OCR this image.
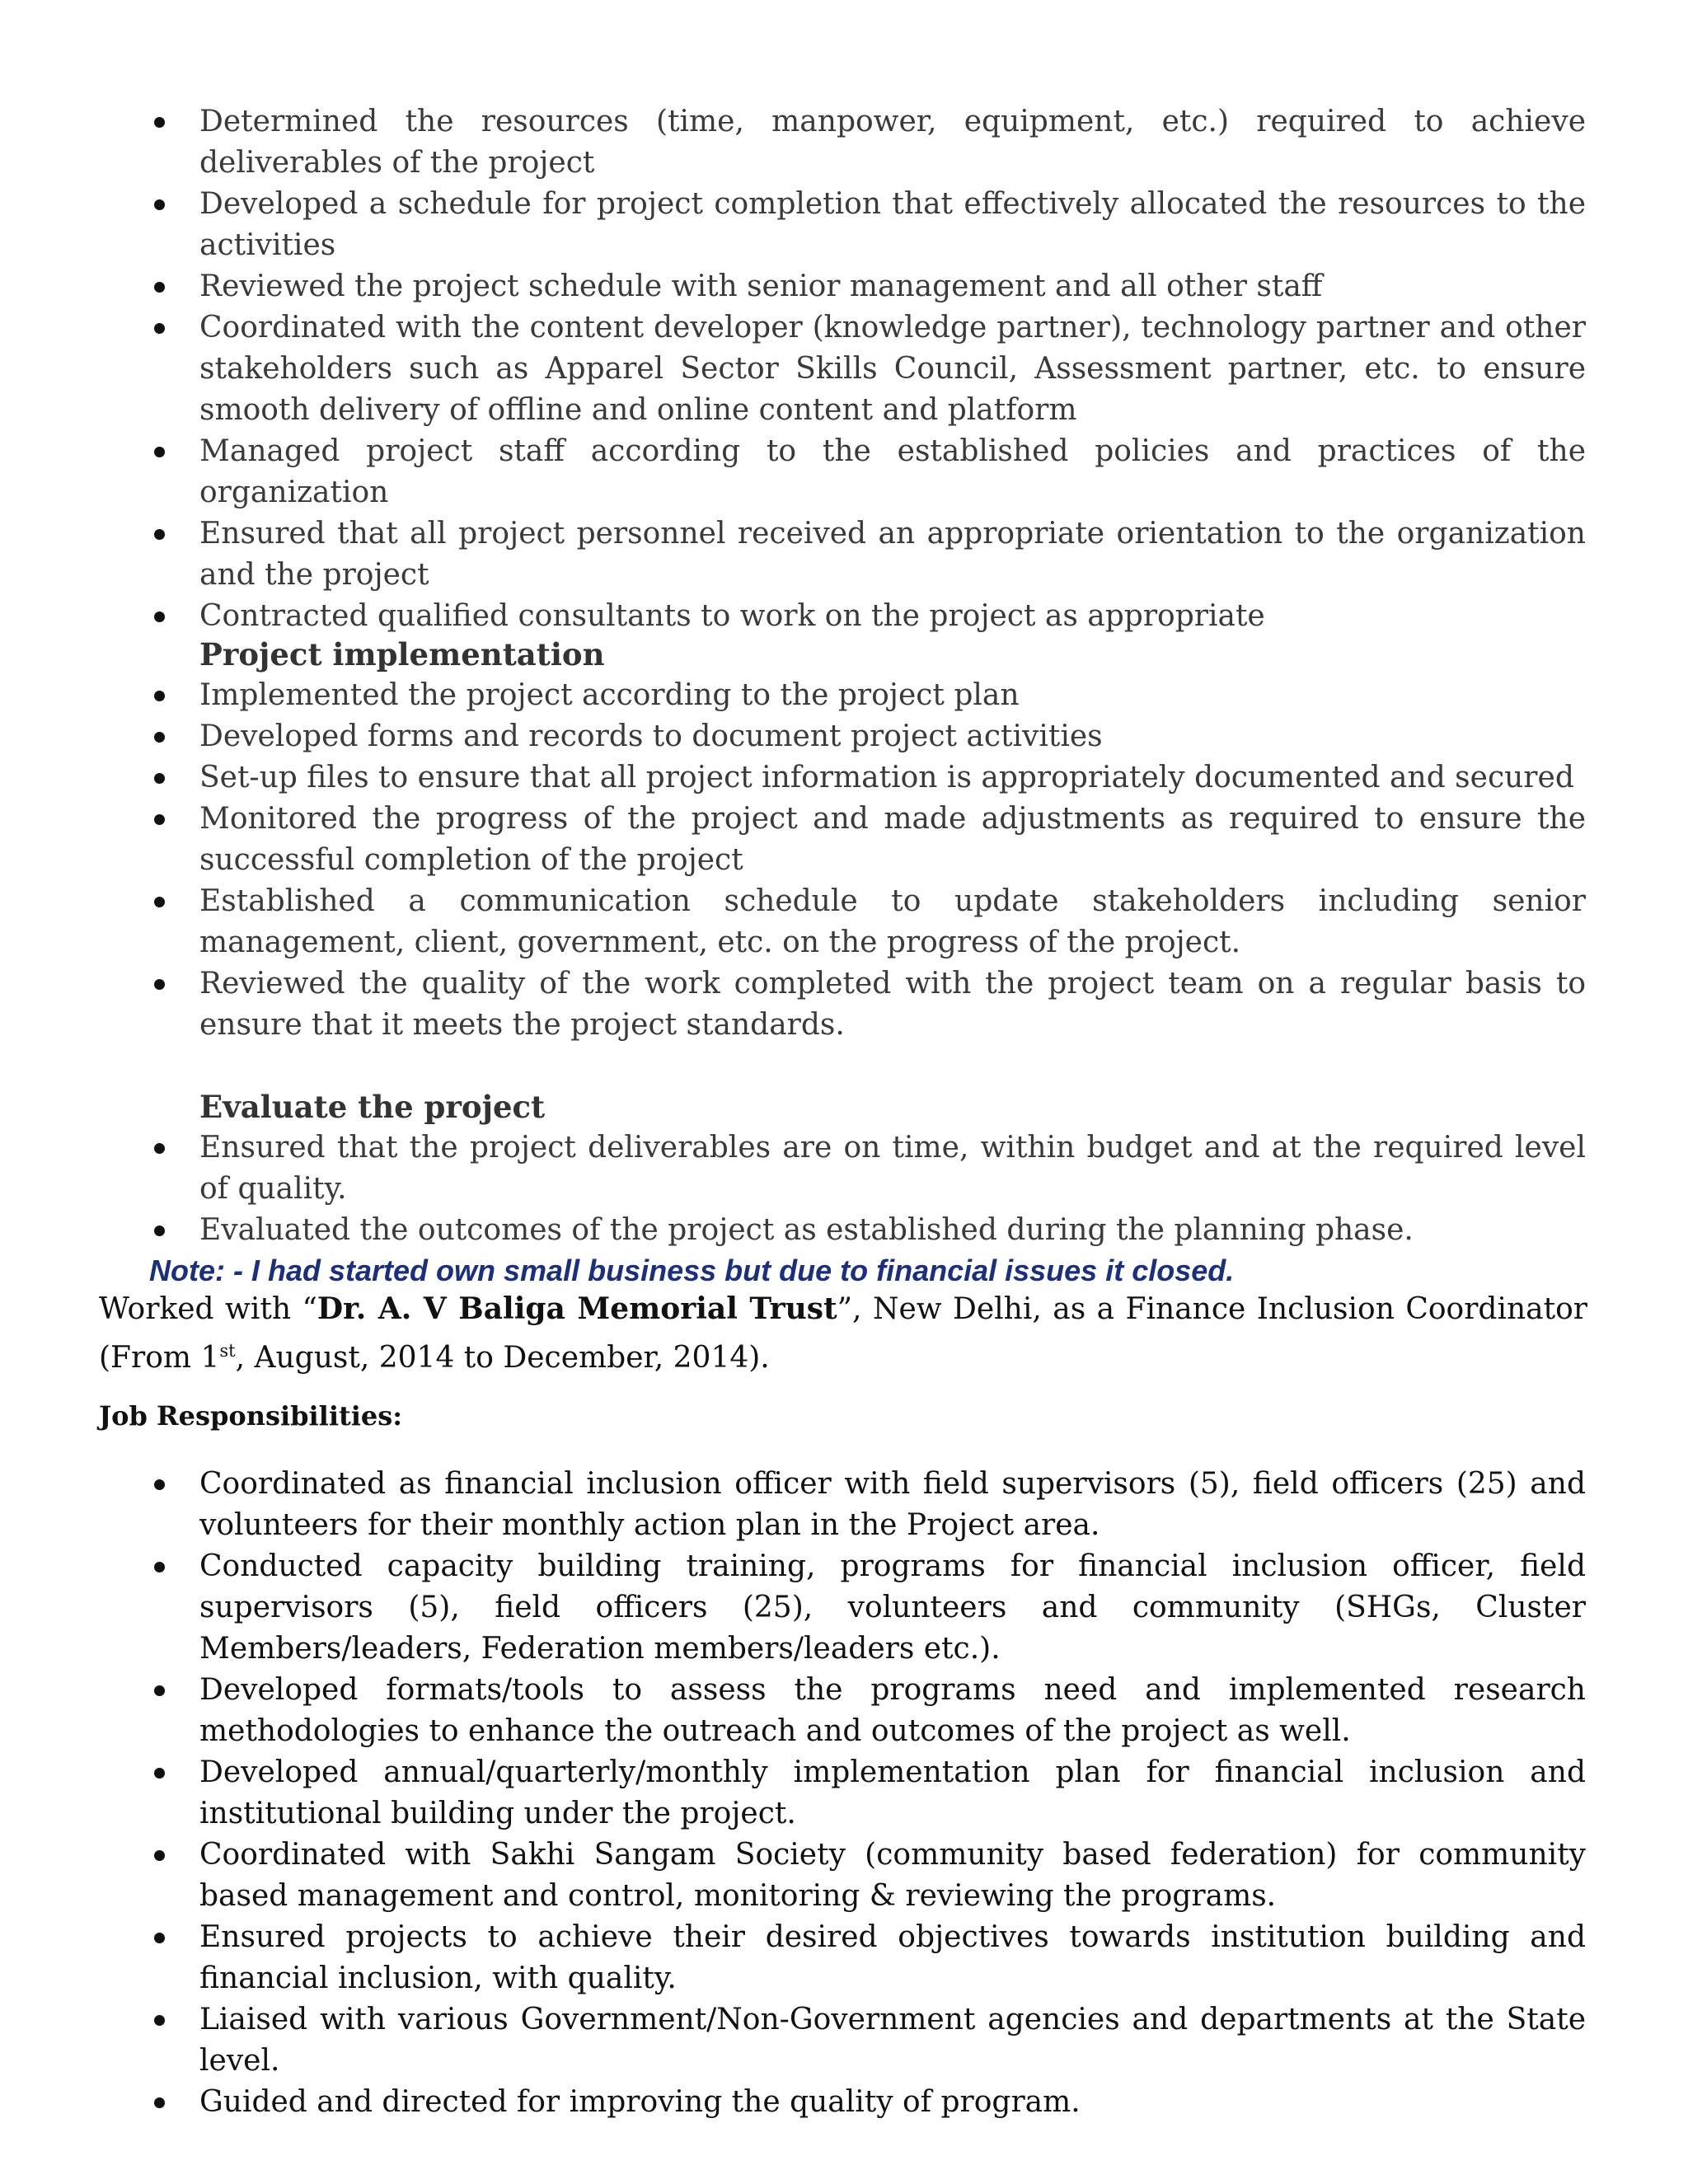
Determined the resources (time, manpower, equipment, etc.) required to achieve deliverables of the project
Developed a schedule for project completion that effectively allocated the resources to the activities
Reviewed the project schedule with senior management and all other staff
Coordinated with the content developer (knowledge partner), technology partner and other stakeholders such as Apparel Sector Skills Council, Assessment partner, etc. to ensure smooth delivery of offline and online content and platform
Managed project staff according to the established policies and practices of the organization
Ensured that all project personnel received an appropriate orientation to the organization and the project
Contracted qualified consultants to work on the project as appropriate
Project implementation
Implemented the project according to the project plan
Developed forms and records to document project activities
Set-up files to ensure that all project information is appropriately documented and secured
Monitored the progress of the project and made adjustments as required to ensure the successful completion of the project
Established a communication schedule to update stakeholders including senior management, client, government, etc. on the progress of the project.
Reviewed the quality of the work completed with the project team on a regular basis to ensure that it meets the project standards.
Evaluate the project
Ensured that the project deliverables are on time, within budget and at the required level of quality.
Evaluated the outcomes of the project as established during the planning phase.
Note: - I had started own small business but due to financial issues it closed.
Worked with “Dr. A. V Baliga Memorial Trust”, New Delhi, as a Finance Inclusion Coordinator (From 1st, August, 2014 to December, 2014).
Job Responsibilities:
Coordinated as financial inclusion officer with field supervisors (5), field officers (25) and volunteers for their monthly action plan in the Project area.
Conducted capacity building training, programs for financial inclusion officer, field supervisors (5), field officers (25), volunteers and community (SHGs, Cluster Members/leaders, Federation members/leaders etc.).
Developed formats/tools to assess the programs need and implemented research methodologies to enhance the outreach and outcomes of the project as well.
Developed annual/quarterly/monthly implementation plan for financial inclusion and institutional building under the project.
Coordinated with Sakhi Sangam Society (community based federation) for community based management and control, monitoring & reviewing the programs.
Ensured projects to achieve their desired objectives towards institution building and financial inclusion, with quality.
Liaised with various Government/Non-Government agencies and departments at the State level.
Guided and directed for improving the quality of program.
